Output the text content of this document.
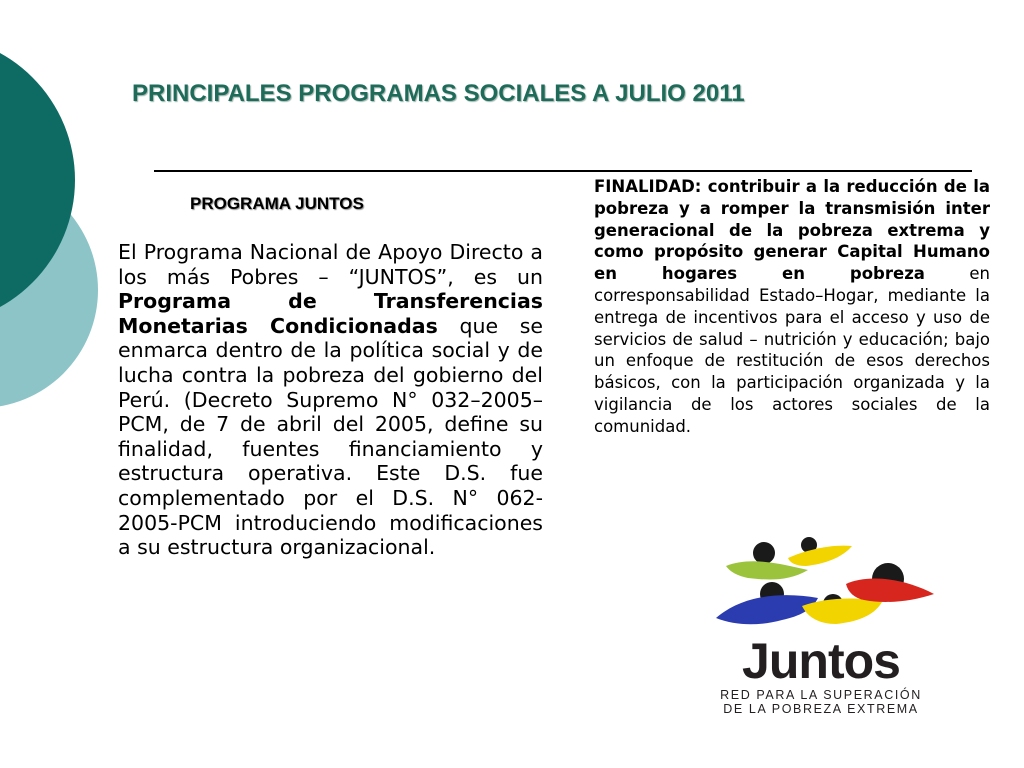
PRINCIPALES PROGRAMAS SOCIALES A JULIO 2011
PROGRAMA JUNTOS

El Programa Nacional de Apoyo Directo a los más Pobres – “JUNTOS”, es un Programa de Transferencias Monetarias Condicionadas que se enmarca dentro de la política social y de lucha contra la pobreza del gobierno del Perú. (Decreto Supremo N° 032–2005–PCM, de 7 de abril del 2005, define su finalidad, fuentes financiamiento y estructura operativa. Este D.S. fue complementado por el D.S. N° 062-2005-PCM introduciendo modificaciones a su estructura organizacional.

FINALIDAD: contribuir a la reducción de la pobreza y a romper la transmisión inter generacional de la pobreza extrema y como propósito generar Capital Humano en hogares en pobreza en corresponsabilidad Estado–Hogar, mediante la entrega de incentivos para el acceso y uso de servicios de salud – nutrición y educación; bajo un enfoque de restitución de esos derechos básicos, con la participación organizada y la vigilancia de los actores sociales de la comunidad.

Juntos
RED PARA LA SUPERACIÓN
DE LA POBREZA EXTREMA
